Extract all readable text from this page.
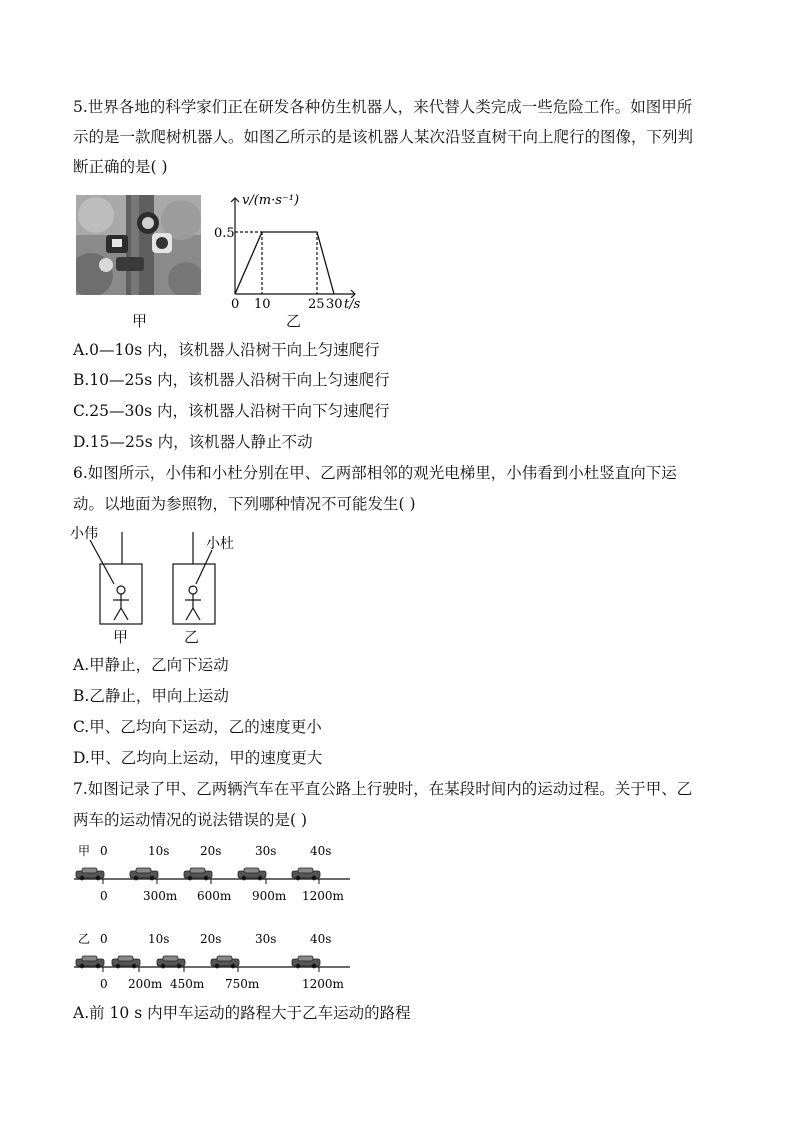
5.世界各地的科学家们正在研发各种仿生机器人，来代替人类完成一些危险工作。如图甲所
示的是一款爬树机器人。如图乙所示的是该机器人某次沿竖直树干向上爬行的图像，下列判
断正确的是( )
甲
v/(m·s⁻¹)
0.5
0 10	25 30 t/s
乙
A.0—10s 内，该机器人沿树干向上匀速爬行
B.10—25s 内，该机器人沿树干向上匀速爬行
C.25—30s 内，该机器人沿树干向下匀速爬行
D.15—25s 内，该机器人静止不动
6.如图所示，小伟和小杜分别在甲、乙两部相邻的观光电梯里，小伟看到小杜竖直向下运
动。以地面为参照物，下列哪种情况不可能发生( )
小伟
小杜
甲	乙
A.甲静止，乙向下运动
B.乙静止，甲向上运动
C.甲、乙均向下运动，乙的速度更小
D.甲、乙均向上运动，甲的速度更大
7.如图记录了甲、乙两辆汽车在平直公路上行驶时，在某段时间内的运动过程。关于甲、乙
两车的运动情况的说法错误的是( )
甲 0	10s	20s	30s	40s
0	300m 600m 900m 1200m
乙 0	10s	20s	30s	40s
0 200m 450m 750m	1200m
A.前 10 s 内甲车运动的路程大于乙车运动的路程
